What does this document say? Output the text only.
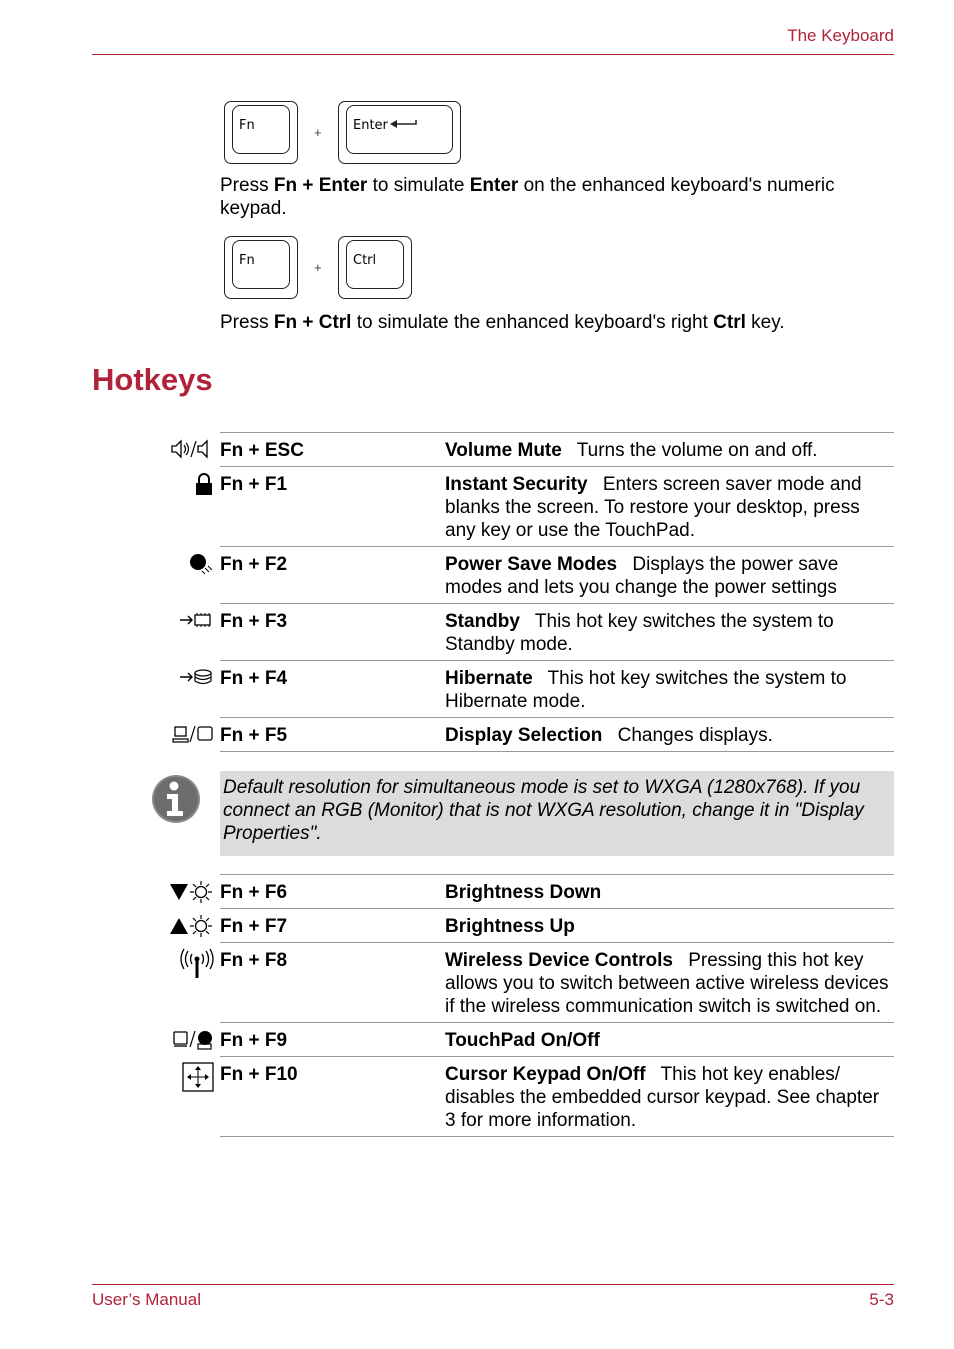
The Keyboard
Fn	+ Enter

Press Fn + Enter to simulate Enter on the enhanced keyboard's numeric keypad.

Fn	+ Ctrl

Press Fn + Ctrl to simulate the enhanced keyboard's right Ctrl key.

Hotkeys
Fn + ESC	Volume Mute Turns the volume on and off.
Fn + F1	Instant Security Enters screen saver mode and blanks the screen. To restore your desktop, press any key or use the TouchPad.
Fn + F2	Power Save Modes Displays the power save modes and lets you change the power settings
Fn + F3	Standby This hot key switches the system to Standby mode.
Fn + F4	Hibernate This hot key switches the system to Hibernate mode.
Fn + F5	Display Selection Changes displays.

Default resolution for simultaneous mode is set to WXGA (1280x768). If you connect an RGB (Monitor) that is not WXGA resolution, change it in "Display Properties".

Fn + F6	Brightness Down
Fn + F7	Brightness Up
Fn + F8	Wireless Device Controls Pressing this hot key allows you to switch between active wireless devices if the wireless communication switch is switched on.
Fn + F9	TouchPad On/Off
Fn + F10	Cursor Keypad On/Off This hot key enables/ disables the embedded cursor keypad. See chapter 3 for more information.
User’s Manual	5-3
